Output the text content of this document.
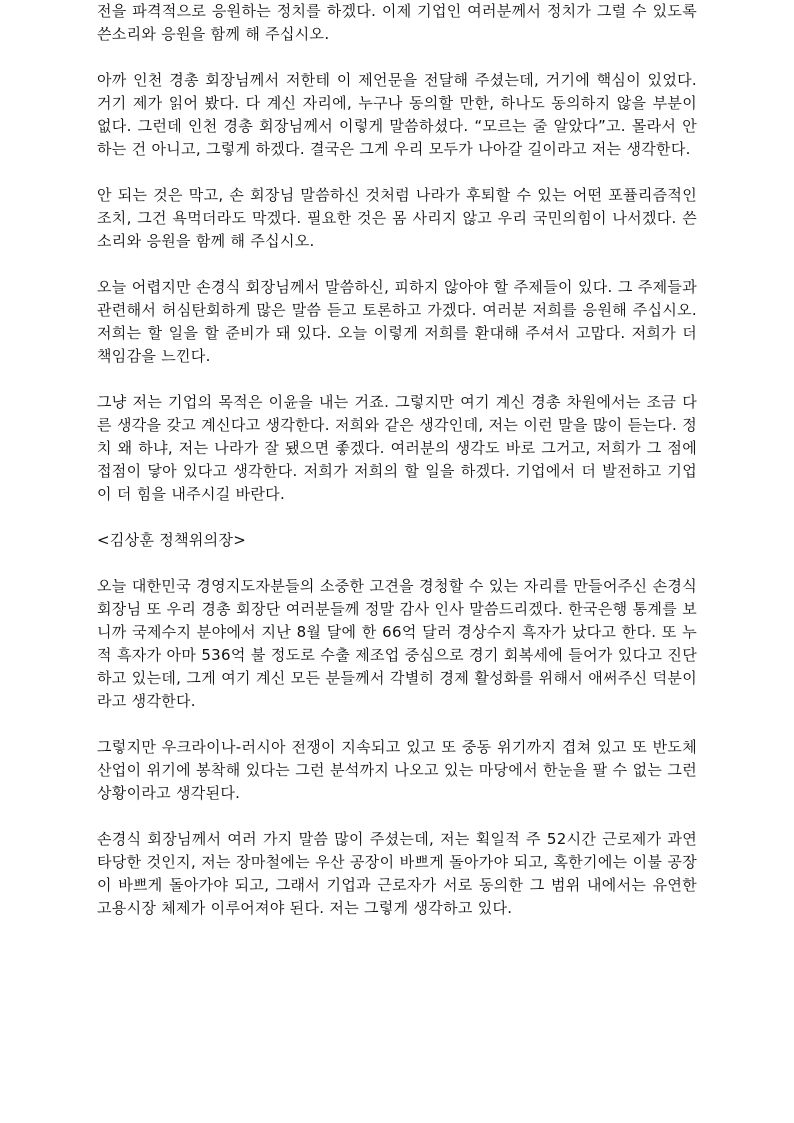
전을 파격적으로 응원하는 정치를 하겠다. 이제 기업인 여러분께서 정치가 그럴 수 있도록 쓴소리와 응원을 함께 해 주십시오.

아까 인천 경총 회장님께서 저한테 이 제언문을 전달해 주셨는데, 거기에 핵심이 있었다. 거기 제가 읽어 봤다. 다 계신 자리에, 누구나 동의할 만한, 하나도 동의하지 않을 부분이 없다. 그런데 인천 경총 회장님께서 이렇게 말씀하셨다. “모르는 줄 알았다”고. 몰라서 안 하는 건 아니고, 그렇게 하겠다. 결국은 그게 우리 모두가 나아갈 길이라고 저는 생각한다.

안 되는 것은 막고, 손 회장님 말씀하신 것처럼 나라가 후퇴할 수 있는 어떤 포퓰리즘적인 조치, 그건 욕먹더라도 막겠다. 필요한 것은 몸 사리지 않고 우리 국민의힘이 나서겠다. 쓴소리와 응원을 함께 해 주십시오.

오늘 어렵지만 손경식 회장님께서 말씀하신, 피하지 않아야 할 주제들이 있다. 그 주제들과 관련해서 허심탄회하게 많은 말씀 듣고 토론하고 가겠다. 여러분 저희를 응원해 주십시오. 저희는 할 일을 할 준비가 돼 있다. 오늘 이렇게 저희를 환대해 주셔서 고맙다. 저희가 더 책임감을 느낀다.

그냥 저는 기업의 목적은 이윤을 내는 거죠. 그렇지만 여기 계신 경총 차원에서는 조금 다른 생각을 갖고 계신다고 생각한다. 저희와 같은 생각인데, 저는 이런 말을 많이 듣는다. 정치 왜 하냐, 저는 나라가 잘 됐으면 좋겠다. 여러분의 생각도 바로 그거고, 저희가 그 점에 접점이 닿아 있다고 생각한다. 저희가 저희의 할 일을 하겠다. 기업에서 더 발전하고 기업이 더 힘을 내주시길 바란다.

<김상훈 정책위의장>

오늘 대한민국 경영지도자분들의 소중한 고견을 경청할 수 있는 자리를 만들어주신 손경식 회장님 또 우리 경총 회장단 여러분들께 정말 감사 인사 말씀드리겠다. 한국은행 통계를 보니까 국제수지 분야에서 지난 8월 달에 한 66억 달러 경상수지 흑자가 났다고 한다. 또 누적 흑자가 아마 536억 불 정도로 수출 제조업 중심으로 경기 회복세에 들어가 있다고 진단하고 있는데, 그게 여기 계신 모든 분들께서 각별히 경제 활성화를 위해서 애써주신 덕분이라고 생각한다.

그렇지만 우크라이나-러시아 전쟁이 지속되고 있고 또 중동 위기까지 겹쳐 있고 또 반도체 산업이 위기에 봉착해 있다는 그런 분석까지 나오고 있는 마당에서 한눈을 팔 수 없는 그런 상황이라고 생각된다.

손경식 회장님께서 여러 가지 말씀 많이 주셨는데, 저는 획일적 주 52시간 근로제가 과연 타당한 것인지, 저는 장마철에는 우산 공장이 바쁘게 돌아가야 되고, 혹한기에는 이불 공장이 바쁘게 돌아가야 되고, 그래서 기업과 근로자가 서로 동의한 그 범위 내에서는 유연한 고용시장 체제가 이루어져야 된다. 저는 그렇게 생각하고 있다.
